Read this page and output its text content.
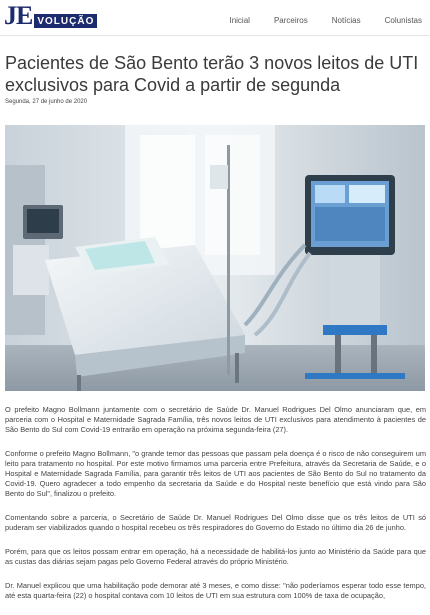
JE VOLUÇÃO	Inicial	Parceiros	Notícias	Colunistas
Pacientes de São Bento terão 3 novos leitos de UTI exclusivos para Covid a partir de segunda
Segunda, 27 de junho de 2020

O prefeito Magno Bollmann juntamente com o secretário de Saúde Dr. Manuel Rodrigues Del Olmo anunciaram que, em parceria com o Hospital e Maternidade Sagrada Família, três novos leitos de UTI exclusivos para atendimento à pacientes de São Bento do Sul com Covid-19 entrarão em operação na próxima segunda-feira (27).

Conforme o prefeito Magno Bollmann, "o grande temor das pessoas que passam pela doença é o risco de não conseguirem um leito para tratamento no hospital. Por este motivo firmamos uma parceria entre Prefeitura, através da Secretaria de Saúde, e o Hospital e Maternidade Sagrada Família, para garantir três leitos de UTI aos pacientes de São Bento do Sul no tratamento da Covid-19. Quero agradecer a todo empenho da secretaria da Saúde e do Hospital neste benefício que está vindo para São Bento do Sul", finalizou o prefeito.

Comentando sobre a parceria, o Secretário de Saúde Dr. Manuel Rodrigues Del Olmo disse que os três leitos de UTI só puderam ser viabilizados quando o hospital recebeu os três respiradores do Governo do Estado no último dia 26 de junho.

Porém, para que os leitos possam entrar em operação, há a necessidade de habilitá-los junto ao Ministério da Saúde para que as custas das diárias sejam pagas pelo Governo Federal através do próprio Ministério.

Dr. Manuel explicou que uma habilitação pode demorar até 3 meses, e como disse: "não poderíamos esperar todo esse tempo, até esta quarta-feira (22) o hospital contava com 10 leitos de UTI em sua estrutura com 100% de taxa de ocupação,
